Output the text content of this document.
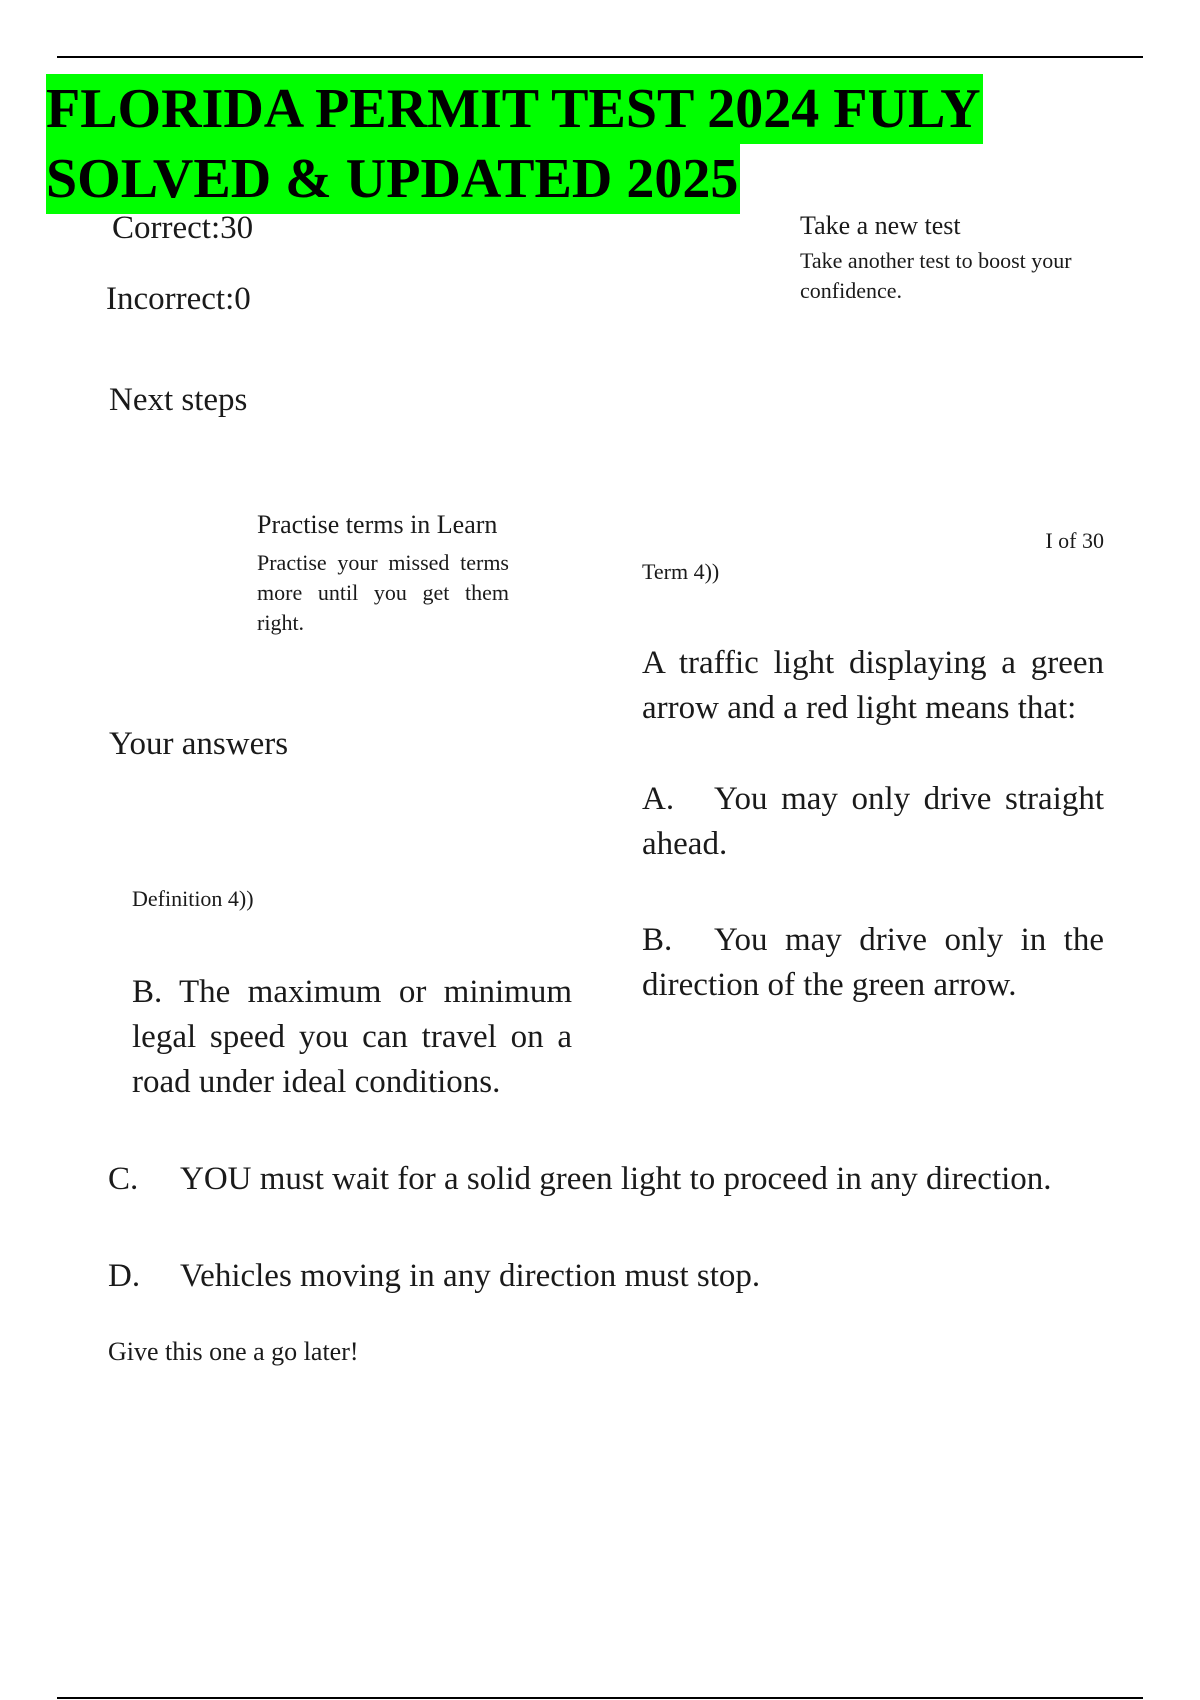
FLORIDA PERMIT TEST 2024 FULY
SOLVED & UPDATED 2025

Correct:30

Incorrect:0

Take a new test

Take another test to boost your confidence.

Next steps

Practise terms in Learn

Practise your missed terms more until you get them right.

I of 30

Term 4))

A traffic light displaying a green arrow and a red light means that:

A. You may only drive straight ahead.

B. You may drive only in the direction of the green arrow.

Your answers

Definition 4))

B. The maximum or minimum legal speed you can travel on a road under ideal conditions.

C. YOU must wait for a solid green light to proceed in any direction.

D. Vehicles moving in any direction must stop.

Give this one a go later!
